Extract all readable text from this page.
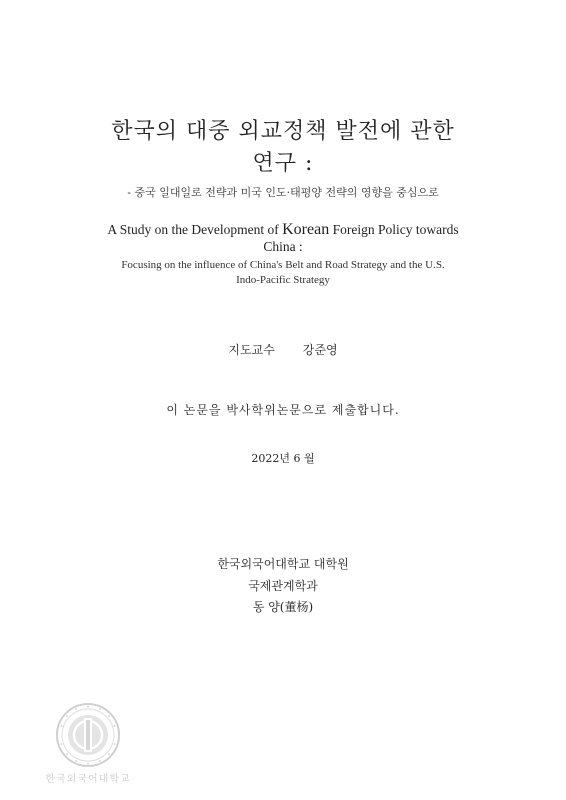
한국의 대중 외교정책 발전에 관한
연구 :
- 중국 일대일로 전략과 미국 인도·태평양 전략의 영향을 중심으로
A Study on the Development of Korean Foreign Policy towards
China :
Focusing on the influence of China's Belt and Road Strategy and the U.S.
Indo-Pacific Strategy
지도교수 강준영
이 논문을 박사학위논문으로 제출합니다.
2022년 6 월
한국외국어대학교 대학원
국제관계학과
동 양(董杨)
한국외국어대학교
